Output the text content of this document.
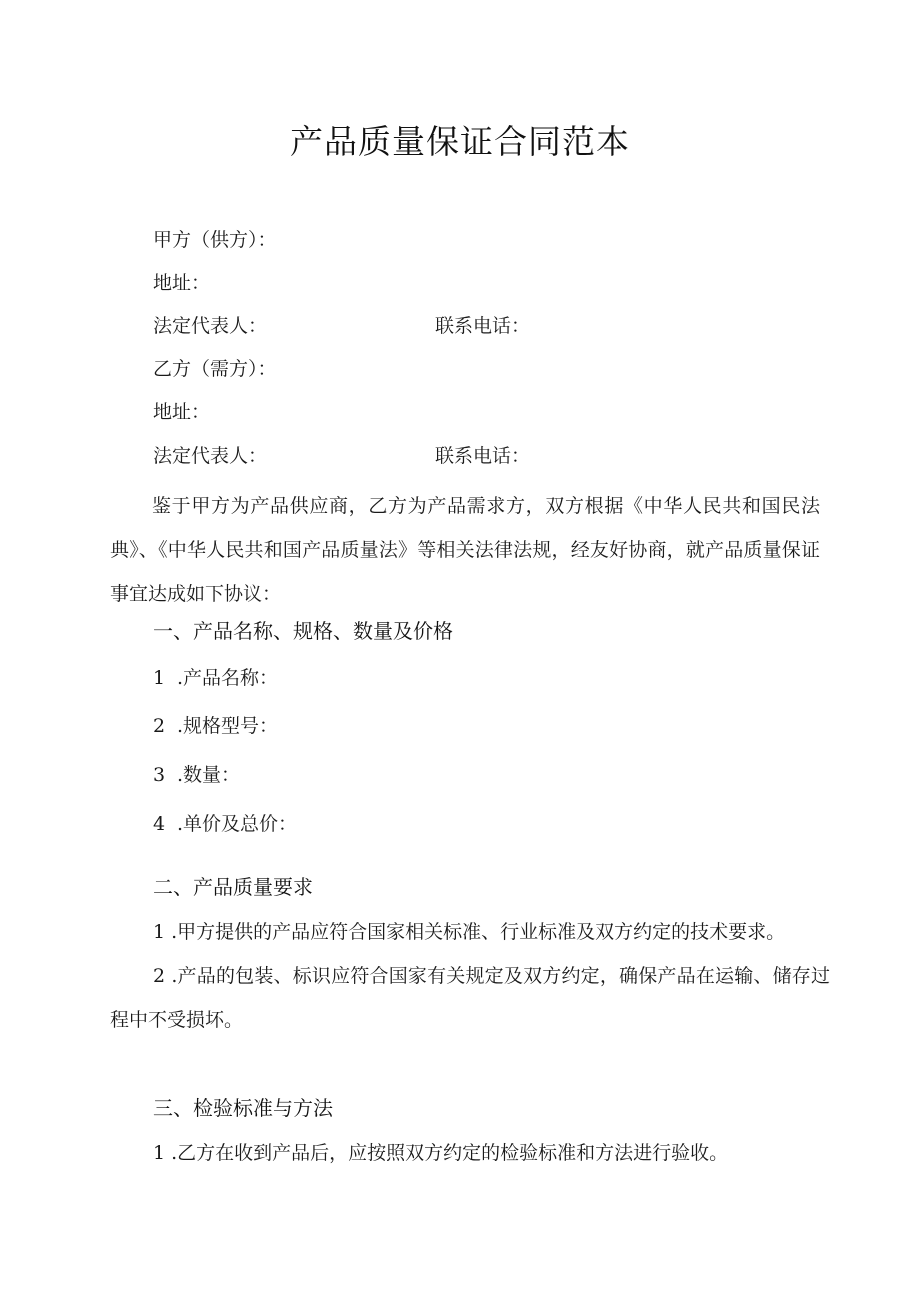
产品质量保证合同范本
甲方（供方）：
地址：
法定代表人：	联系电话：
乙方（需方）：
地址：
法定代表人：	联系电话：
鉴于甲方为产品供应商，乙方为产品需求方，双方根据《中华人民共和国民法典》、《中华人民共和国产品质量法》等相关法律法规，经友好协商，就产品质量保证事宜达成如下协议：
一、产品名称、规格、数量及价格
1 .产品名称：
2 .规格型号：
3 .数量：
4 .单价及总价：
二、产品质量要求
1 .甲方提供的产品应符合国家相关标准、行业标准及双方约定的技术要求。
2 .产品的包装、标识应符合国家有关规定及双方约定，确保产品在运输、储存过程中不受损坏。
三、检验标准与方法
1 .乙方在收到产品后，应按照双方约定的检验标准和方法进行验收。
